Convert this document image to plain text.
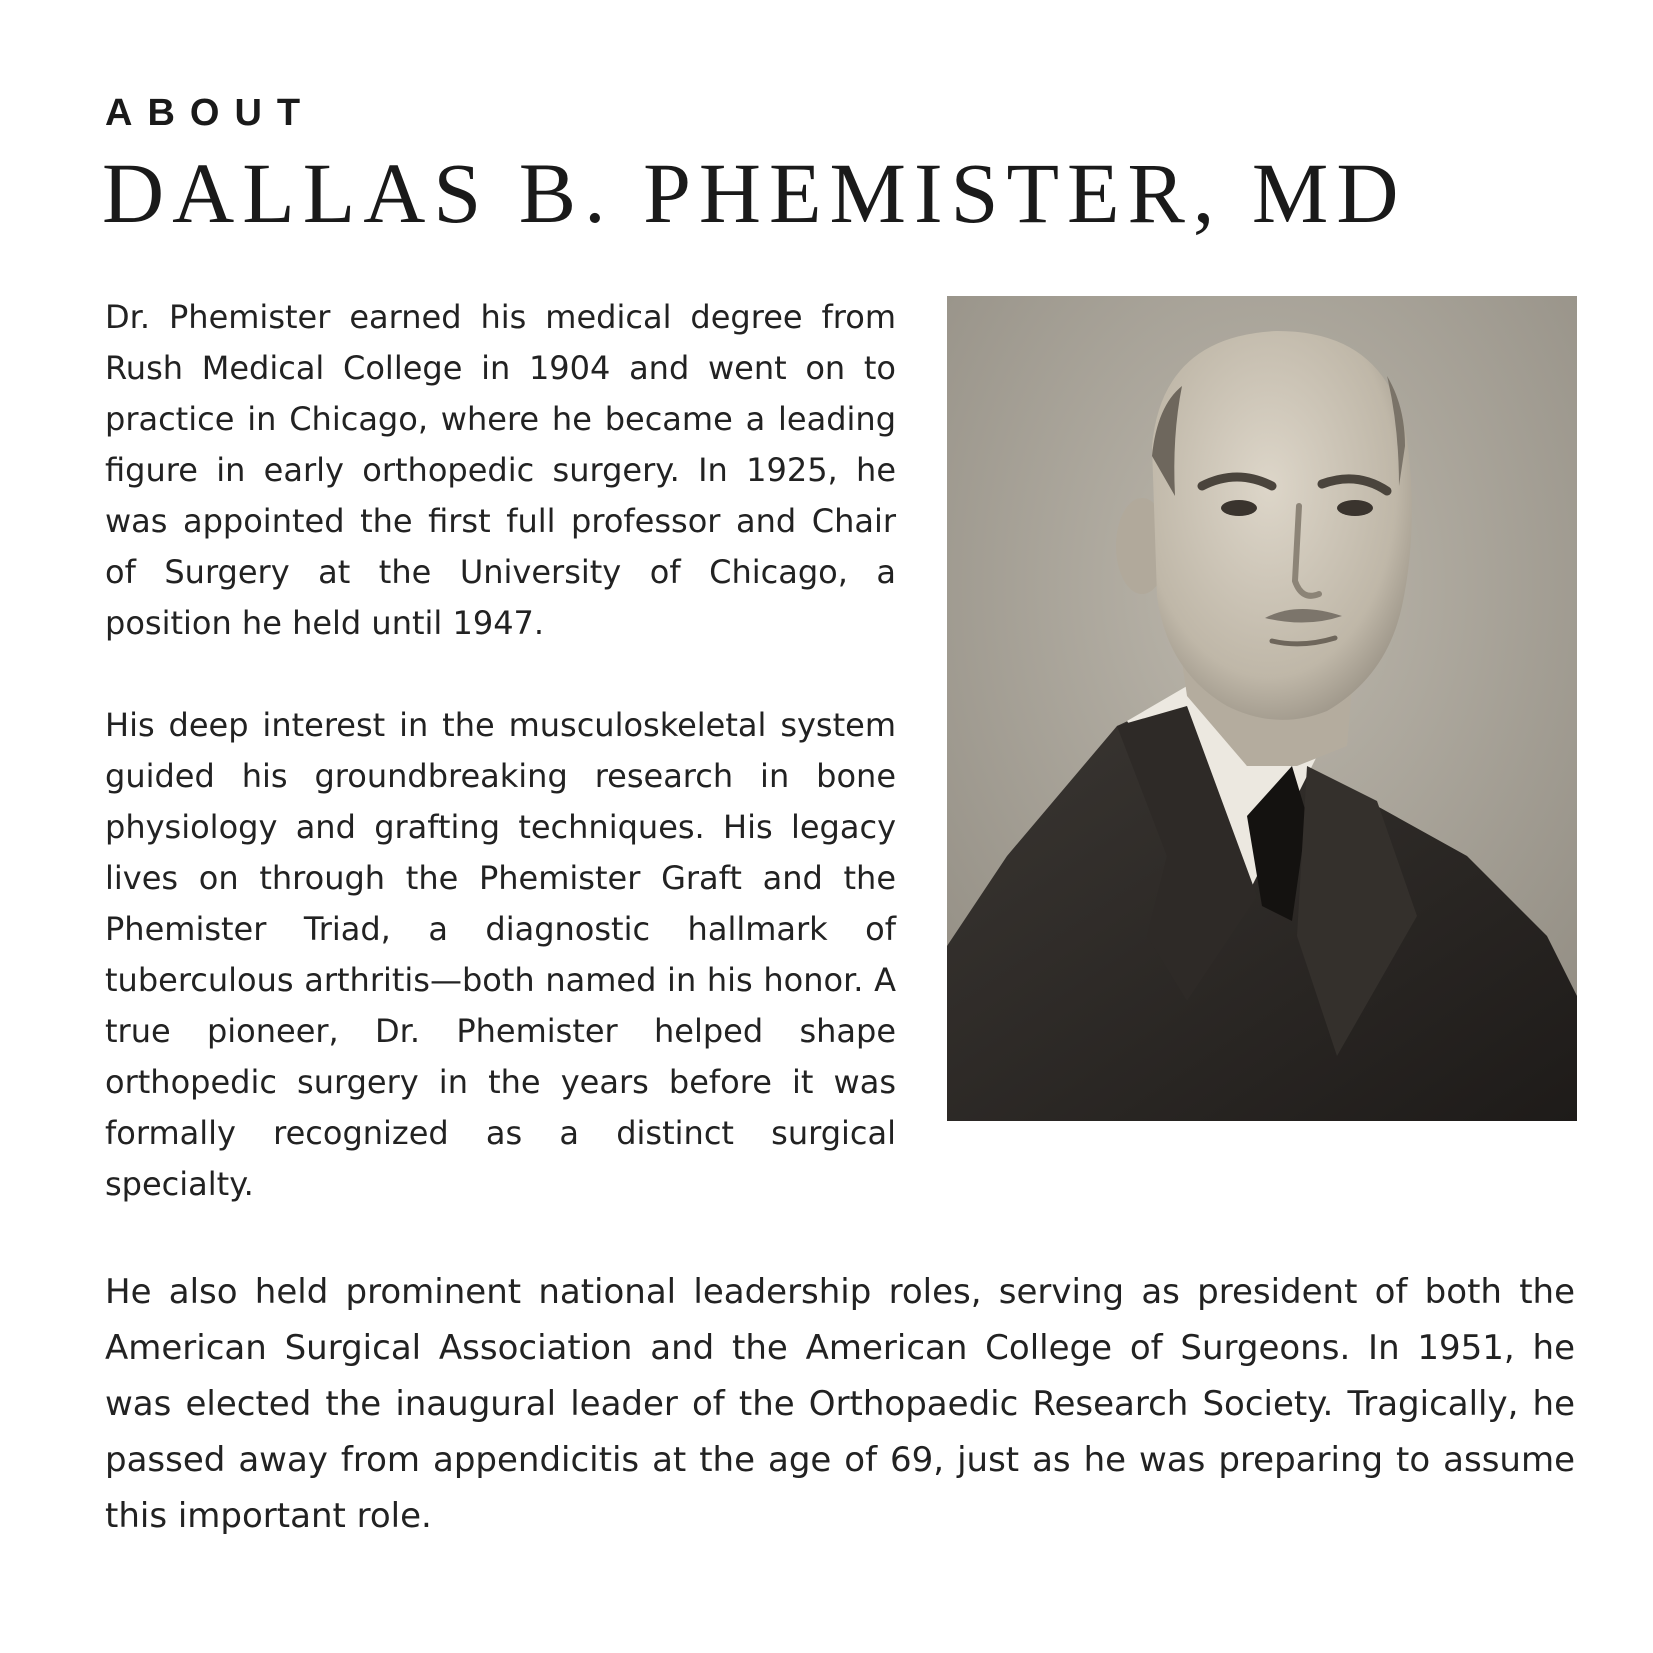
ABOUT
DALLAS B. PHEMISTER, MD

Dr. Phemister earned his medical degree from Rush Medical College in 1904 and went on to practice in Chicago, where he became a leading figure in early orthopedic surgery. In 1925, he was appointed the first full professor and Chair of Surgery at the University of Chicago, a position he held until 1947.

His deep interest in the musculoskeletal system guided his groundbreaking research in bone physiology and grafting techniques. His legacy lives on through the Phemister Graft and the Phemister Triad, a diagnostic hallmark of tuberculous arthritis—both named in his honor. A true pioneer, Dr. Phemister helped shape orthopedic surgery in the years before it was formally recognized as a distinct surgical specialty.

He also held prominent national leadership roles, serving as president of both the American Surgical Association and the American College of Surgeons. In 1951, he was elected the inaugural leader of the Orthopaedic Research Society. Tragically, he passed away from appendicitis at the age of 69, just as he was preparing to assume this important role.
